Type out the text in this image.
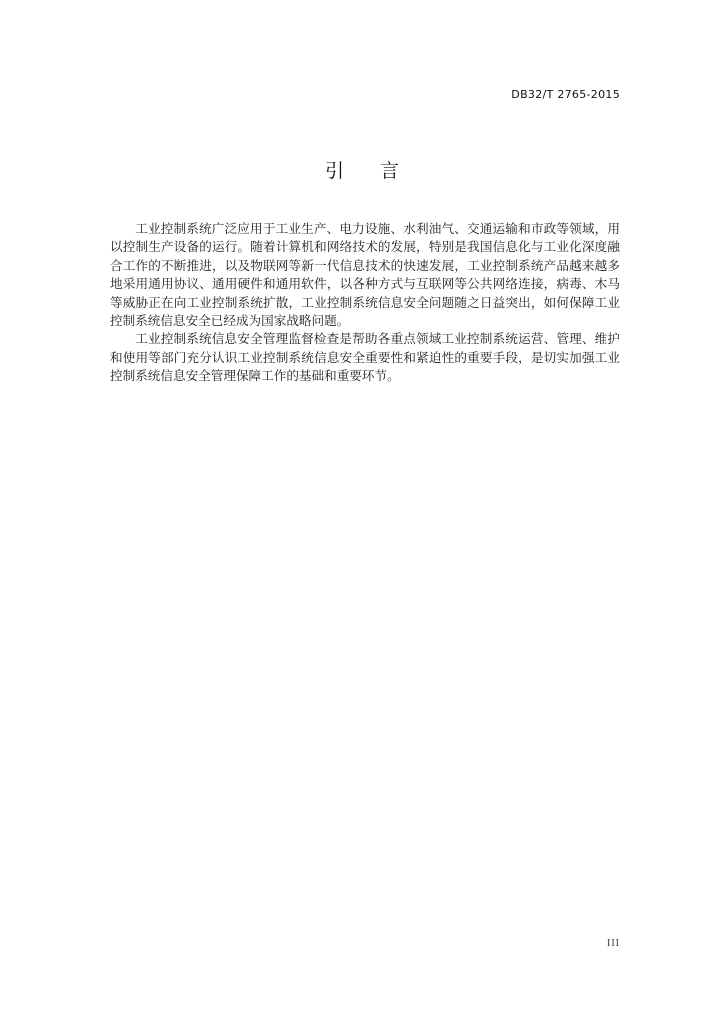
DB32/T 2765-2015
引言

工业控制系统广泛应用于工业生产、电力设施、水利油气、交通运输和市政等领域，用以控制生产设备的运行。随着计算机和网络技术的发展，特别是我国信息化与工业化深度融合工作的不断推进，以及物联网等新一代信息技术的快速发展，工业控制系统产品越来越多地采用通用协议、通用硬件和通用软件，以各种方式与互联网等公共网络连接，病毒、木马等威胁正在向工业控制系统扩散，工业控制系统信息安全问题随之日益突出，如何保障工业控制系统信息安全已经成为国家战略问题。

工业控制系统信息安全管理监督检查是帮助各重点领域工业控制系统运营、管理、维护和使用等部门充分认识工业控制系统信息安全重要性和紧迫性的重要手段，是切实加强工业控制系统信息安全管理保障工作的基础和重要环节。

III
